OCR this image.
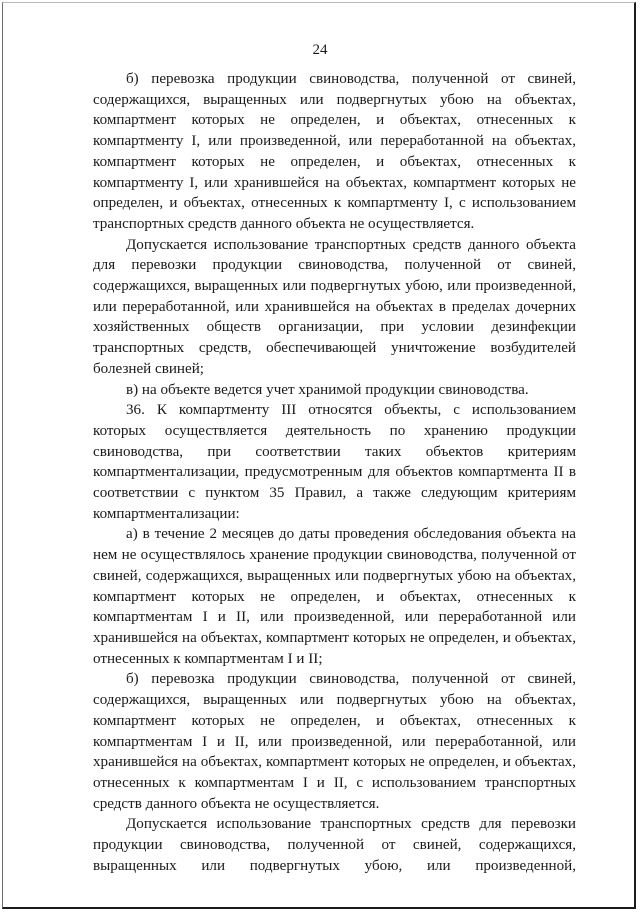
24

б) перевозка продукции свиноводства, полученной от свиней,

содержащихся, выращенных или подвергнутых убою на объектах,

компартмент которых не определен, и объектах, отнесенных к

компартменту I, или произведенной, или переработанной на объектах,

компартмент которых не определен, и объектах, отнесенных к

компартменту I, или хранившейся на объектах, компартмент которых не

определен, и объектах, отнесенных к компартменту I, с использованием

транспортных средств данного объекта не осуществляется.

Допускается использование транспортных средств данного объекта

для перевозки продукции свиноводства, полученной от свиней,

содержащихся, выращенных или подвергнутых убою, или произведенной,

или переработанной, или хранившейся на объектах в пределах дочерних

хозяйственных обществ организации, при условии дезинфекции

транспортных средств, обеспечивающей уничтожение возбудителей

болезней свиней;

в) на объекте ведется учет хранимой продукции свиноводства.

36. К компартменту III относятся объекты, с использованием

которых осуществляется деятельность по хранению продукции

свиноводства, при соответствии таких объектов критериям

компартментализации, предусмотренным для объектов компартмента II в

соответствии с пунктом 35 Правил, а также следующим критериям

компартментализации:

а) в течение 2 месяцев до даты проведения обследования объекта на

нем не осуществлялось хранение продукции свиноводства, полученной от

свиней, содержащихся, выращенных или подвергнутых убою на объектах,

компартмент которых не определен, и объектах, отнесенных к

компартментам I и II, или произведенной, или переработанной или

хранившейся на объектах, компартмент которых не определен, и объектах,

отнесенных к компартментам I и II;

б) перевозка продукции свиноводства, полученной от свиней,

содержащихся, выращенных или подвергнутых убою на объектах,

компартмент которых не определен, и объектах, отнесенных к

компартментам I и II, или произведенной, или переработанной, или

хранившейся на объектах, компартмент которых не определен, и объектах,

отнесенных к компартментам I и II, с использованием транспортных

средств данного объекта не осуществляется.

Допускается использование транспортных средств для перевозки

продукции свиноводства, полученной от свиней, содержащихся,

выращенных или подвергнутых убою, или произведенной,
